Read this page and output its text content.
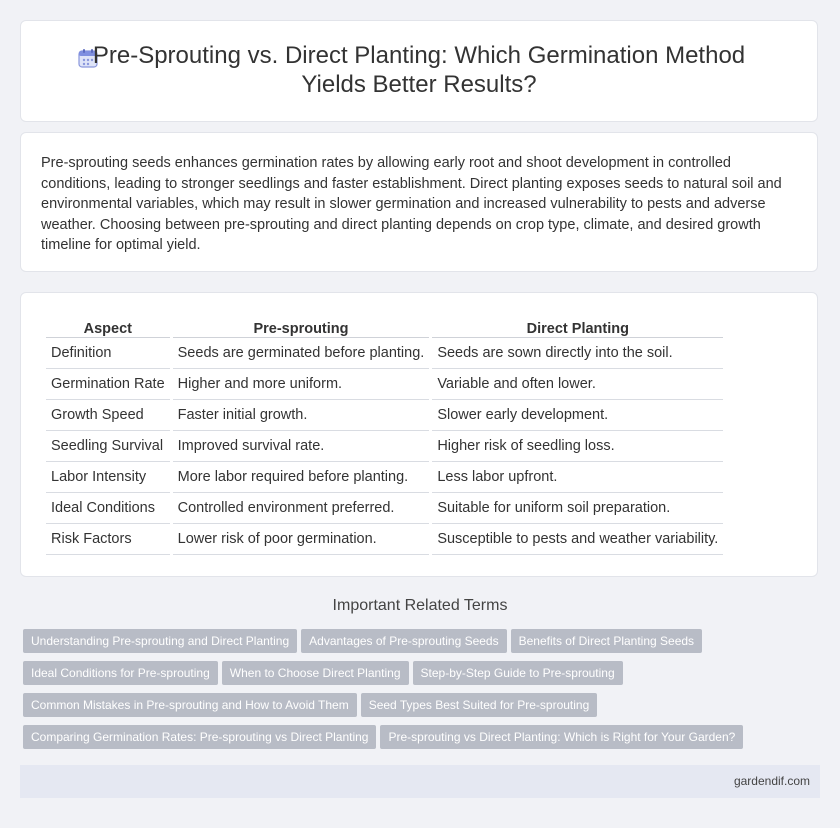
Pre-Sprouting vs. Direct Planting: Which Germination Method Yields Better Results?

Pre-sprouting seeds enhances germination rates by allowing early root and shoot development in controlled conditions, leading to stronger seedlings and faster establishment. Direct planting exposes seeds to natural soil and environmental variables, which may result in slower germination and increased vulnerability to pests and adverse weather. Choosing between pre-sprouting and direct planting depends on crop type, climate, and desired growth timeline for optimal yield.

Aspect	Pre-sprouting	Direct Planting
Definition	Seeds are germinated before planting.	Seeds are sown directly into the soil.
Germination Rate	Higher and more uniform.	Variable and often lower.
Growth Speed	Faster initial growth.	Slower early development.
Seedling Survival	Improved survival rate.	Higher risk of seedling loss.
Labor Intensity	More labor required before planting.	Less labor upfront.
Ideal Conditions	Controlled environment preferred.	Suitable for uniform soil preparation.
Risk Factors	Lower risk of poor germination.	Susceptible to pests and weather variability.
Important Related Terms
Understanding Pre-sprouting and Direct Planting Advantages of Pre-sprouting Seeds Benefits of Direct Planting Seeds
Ideal Conditions for Pre-sprouting When to Choose Direct Planting Step-by-Step Guide to Pre-sprouting
Common Mistakes in Pre-sprouting and How to Avoid Them Seed Types Best Suited for Pre-sprouting
Comparing Germination Rates: Pre-sprouting vs Direct Planting Pre-sprouting vs Direct Planting: Which is Right for Your Garden?
gardendif.com
